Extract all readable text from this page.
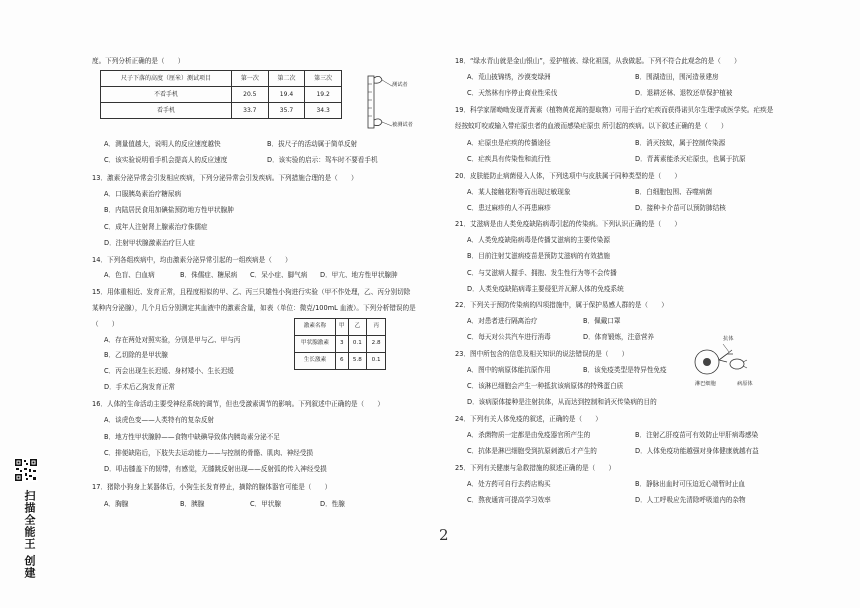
度。下列分析正确的是（　　）
尺子下落的高度（厘米）测试项目	第一次	第二次	第三次
不看手机	20.5	19.4	19.2
看手机	33.7	35.7	34.3
测试者
被测试者
A．测量值越大，说明人的反应速度越快	B．拔尺子的活动属于简单反射
C．该实验说明看手机会提高人的反应速度	D．该实验的启示：驾车时不要看手机
13．激素分泌异常会引发相应疾病，下列分泌异常会引发疾病。下列措施合理的是（　　）
A．口服胰岛素治疗糖尿病
B．内陆居民食用加碘盐预防地方性甲状腺肿
C．成年人注射肾上腺素治疗侏儒症
D．注射甲状腺激素治疗巨人症
14．下列各组疾病中，均由激素分泌异常引起的一组疾病是（　　）
A．色盲、白血病	B．侏儒症、糖尿病 C．呆小症、脚气病 D．甲亢、地方性甲状腺肿
15．用体重相近、发育正常，且程度相似的甲、乙、丙三只雄性小狗进行实验（甲不作处理，乙、丙分别切除
某种内分泌腺），几个月后分别测定其血液中的激素含量，如表（单位：微克/100mL 血液）。下列分析错误的是
（　　）	激素名称	甲	乙	丙
甲状腺激素	3	0.1	2.8
生长激素	6	5.8	0.1
A．存在两处对照实验，分别是甲与乙、甲与丙
B．乙切除的是甲状腺
C．丙会出现生长迟缓、身材矮小、生长迟缓
D．手术后乙狗发育正常
16．人体的生命活动主要受神经系统的调节，但也受激素调节的影响。下列叙述中正确的是（　　）
A．谈虎色变——人类特有的复杂反射
B．地方性甲状腺肿——食物中缺碘导致体内胰岛素分泌不足
C．排便缺陷后，下肢失去运动能力——与控制的骨骼、肌肉、神经受损
D．叩击膝盖下的韧带，有感觉，无膝跳反射出现——反射弧的传入神经受损
17．猪除小狗身上某器体后，小狗生长发育停止，摘除的腺体器官可能是（　　）
A．胸腺	B．胰腺	C．甲状腺	D．性腺
18．“绿水青山就是金山银山”，爱护植被、绿化祖国，从我做起。下列不符合此观念的是（　　）
A．荒山披锦绣，沙漠变绿洲	B．围湖造田，围河造景建房
C．天然林有序停止商业性采伐	D．退耕还林、退牧还草保护植被
19．科学家屠呦呦发现青蒿素（植物黄花蒿的提取物）可用于治疗疟疾而获得诺贝尔生理学或医学奖。疟疾是
经按蚊叮咬或输入带疟原虫者的血液而感染疟原虫 所引起的疾病。以下叙述正确的是（　　）
A．疟原虫是疟疾的传播途径	B．消灭按蚊，属于控制传染源
C．疟疾具有传染性和流行性	D．青蒿素能杀灭疟原虫，也属于抗原
20．皮肤能防止病菌侵入人体，下列选项中与皮肤属于同种类型的是（　　）
A．某人接触花粉等而出现过敏现象	B．白细胞包围、吞噬病菌
C．患过麻疹的人不再患麻疹	D．接种卡介苗可以预防肺结核
21．艾滋病是由人类免疫缺陷病毒引起的传染病。下列认识正确的是（　　）
A．人类免疫缺陷病毒是传播艾滋病的主要传染源
B．目前注射艾滋病疫苗是预防艾滋病的有效措施
C．与艾滋病人握手、拥抱、发生性行为等不会传播
D．人类免疫缺陷病毒主要侵犯并瓦解人体的免疫系统
22．下列关于预防传染病的四项措施中，属于保护易感人群的是（　　）
A．对患者进行隔离治疗	B．佩戴口罩
C．每天对公共汽车进行消毒	D．体育锻炼，注意营养
23．图中所包含的信息及相关知识的说法错误的是（　　）
抗体
淋巴细胞	病原体
A．图中的病原体能抗原作用	B．该免疫类型是特异性免疫
C．该淋巴细胞会产生一种抵抗该病原体的特殊蛋白质
D．该病原体接种是注射抗体，从而达到控制和消灭传染病的目的
24．下列有关人体免疫的叙述，正确的是（　　）
A．杀菌物质一定都是由免疫器官所产生的	B．注射乙肝疫苗可有效防止甲肝病毒感染
C．抗体是淋巴细胞受到抗原刺激后才产生的	D．人体免疫功能越强对身体健康就越有益
25．下列有关健康与急救措施的叙述正确的是（　　）
A．处方药可自行去药店购买	B．静脉出血时可压迫近心端暂时止血
C．熬夜通宵可提高学习效率	D．人工呼吸应先清除呼吸道内的杂物
2
扫描全能王 创建
